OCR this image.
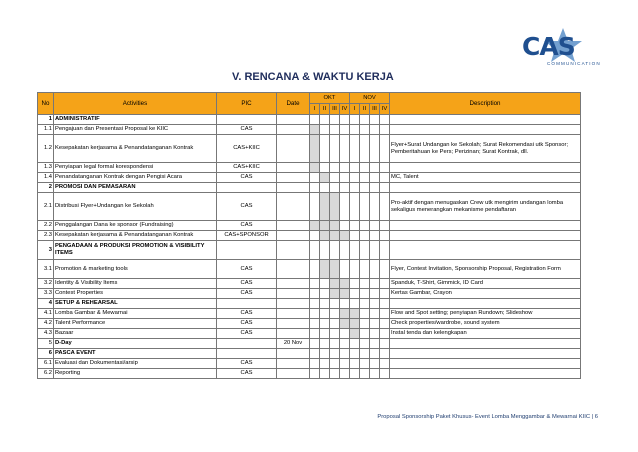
CAS
COMMUNICATION
V. RENCANA & WAKTU KERJA
No	Activities	PIC	Date	OKT				NOV				Description
				I	II	III	IV	I	II	III	IV	
1	ADMINISTRATIF											
1.1	Pengajuan dan Presentasi Proposal ke KIIC	CAS										
1.2	Kesepakatan kerjasama & Penandatanganan Kontrak	CAS+KIIC										Flyer+Surat Undangan ke Sekolah; Surat Rekomendasi utk Sponsor; Pemberitahuan ke Pers; Perizinan; Surat Kontrak, dll.
1.3	Penyiapan legal formal korespondensi	CAS+KIIC										
1.4	Penandatanganan Kontrak dengan Pengisi Acara	CAS										MC, Talent
2	PROMOSI DAN PEMASARAN											
2.1	Distribusi Flyer+Undangan ke Sekolah	CAS										Pro-aktif dengan menugaskan Crew utk mengirim undangan lomba sekaligus menerangkan mekanisme pendaftaran
2.2	Penggalangan Dana ke sponsor (Fundraising)	CAS										
2.3	Kesepakatan kerjasama & Penandatanganan Kontrak	CAS+SPONSOR										
3	PENGADAAN & PRODUKSI PROMOTION & VISIBILITY ITEMS											
3.1	Promotion & marketing tools	CAS										Flyer, Contest Invitation, Sponsorship Proposal, Registration Form
3.2	Identity & Visibility Items	CAS										Spanduk, T-Shirt, Gimmick, ID Card
3.3	Contest Properties	CAS										Kertas Gambar, Crayon
4	SETUP & REHEARSAL											
4.1	Lomba Gambar & Mewarnai	CAS										Flow and Spot setting; penyiapan Rundown; Slideshow
4.2	Talent Performance	CAS										Check properties/wardrobe, sound system
4.3	Bazaar	CAS										Instal tenda dan kelengkapan
5	D-Day		20 Nov									
6	PASCA EVENT											
6.1	Evaluasi dan Dokumentasi/arsip	CAS										
6.2	Reporting	CAS										
Proposal Sponsorship Paket Khusus- Event Lomba Menggambar & Mewarnai KIIC | 6
